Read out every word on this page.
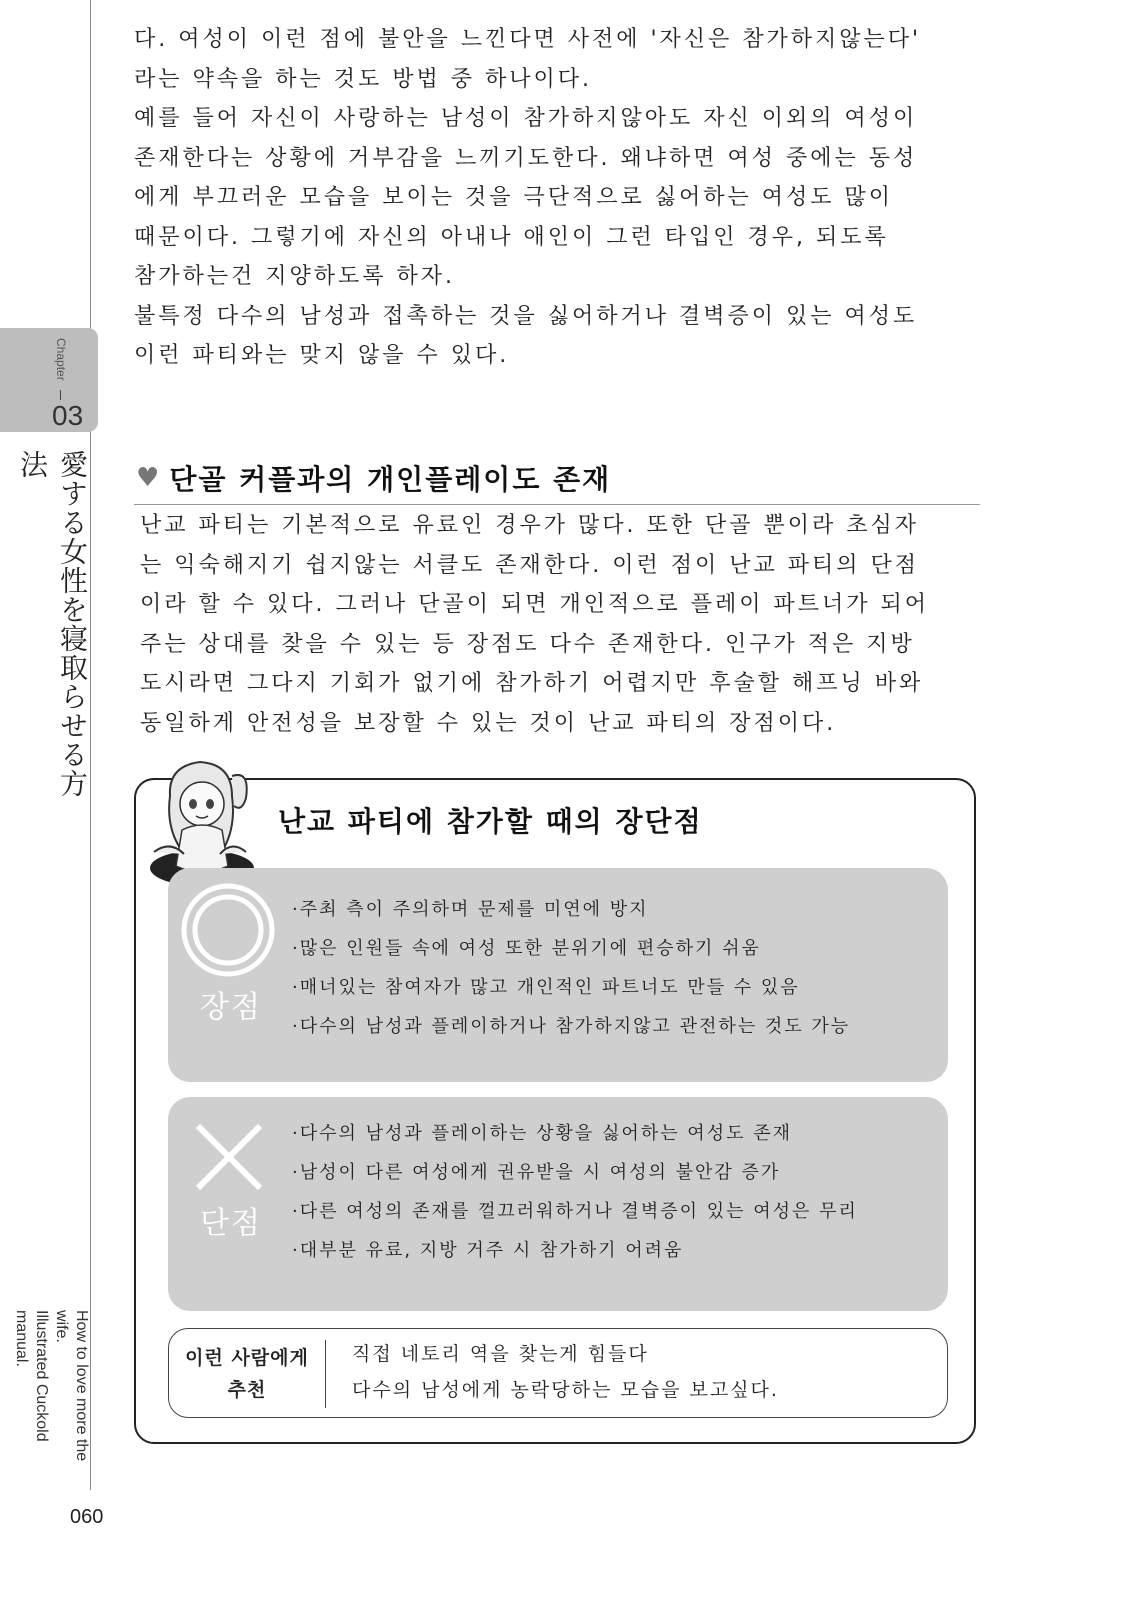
Chapter
03
愛する女性を寝取らせる方法
How to love more the wife.
Illustrated Cuckold manual.
060
다. 여성이 이런 점에 불안을 느낀다면 사전에 '자신은 참가하지않는다'
라는 약속을 하는 것도 방법 중 하나이다.
예를 들어 자신이 사랑하는 남성이 참가하지않아도 자신 이외의 여성이
존재한다는 상황에 거부감을 느끼기도한다. 왜냐하면 여성 중에는 동성
에게 부끄러운 모습을 보이는 것을 극단적으로 싫어하는 여성도 많이
때문이다. 그렇기에 자신의 아내나 애인이 그런 타입인 경우, 되도록
참가하는건 지양하도록 하자.
불특정 다수의 남성과 접촉하는 것을 싫어하거나 결벽증이 있는 여성도
이런 파티와는 맞지 않을 수 있다.
♥ 단골 커플과의 개인플레이도 존재
난교 파티는 기본적으로 유료인 경우가 많다. 또한 단골 뿐이라 초심자
는 익숙해지기 쉽지않는 서클도 존재한다. 이런 점이 난교 파티의 단점
이라 할 수 있다. 그러나 단골이 되면 개인적으로 플레이 파트너가 되어
주는 상대를 찾을 수 있는 등 장점도 다수 존재한다. 인구가 적은 지방
도시라면 그다지 기회가 없기에 참가하기 어렵지만 후술할 해프닝 바와
동일하게 안전성을 보장할 수 있는 것이 난교 파티의 장점이다.
난교 파티에 참가할 때의 장단점
장점
·주최 측이 주의하며 문제를 미연에 방지
·많은 인원들 속에 여성 또한 분위기에 편승하기 쉬움
·매너있는 참여자가 많고 개인적인 파트너도 만들 수 있음
·다수의 남성과 플레이하거나 참가하지않고 관전하는 것도 가능
단점
·다수의 남성과 플레이하는 상황을 싫어하는 여성도 존재
·남성이 다른 여성에게 권유받을 시 여성의 불안감 증가
·다른 여성의 존재를 껄끄러워하거나 결벽증이 있는 여성은 무리
·대부분 유료, 지방 거주 시 참가하기 어려움
이런 사람에게
추천
직접 네토리 역을 찾는게 힘들다
다수의 남성에게 농락당하는 모습을 보고싶다.
